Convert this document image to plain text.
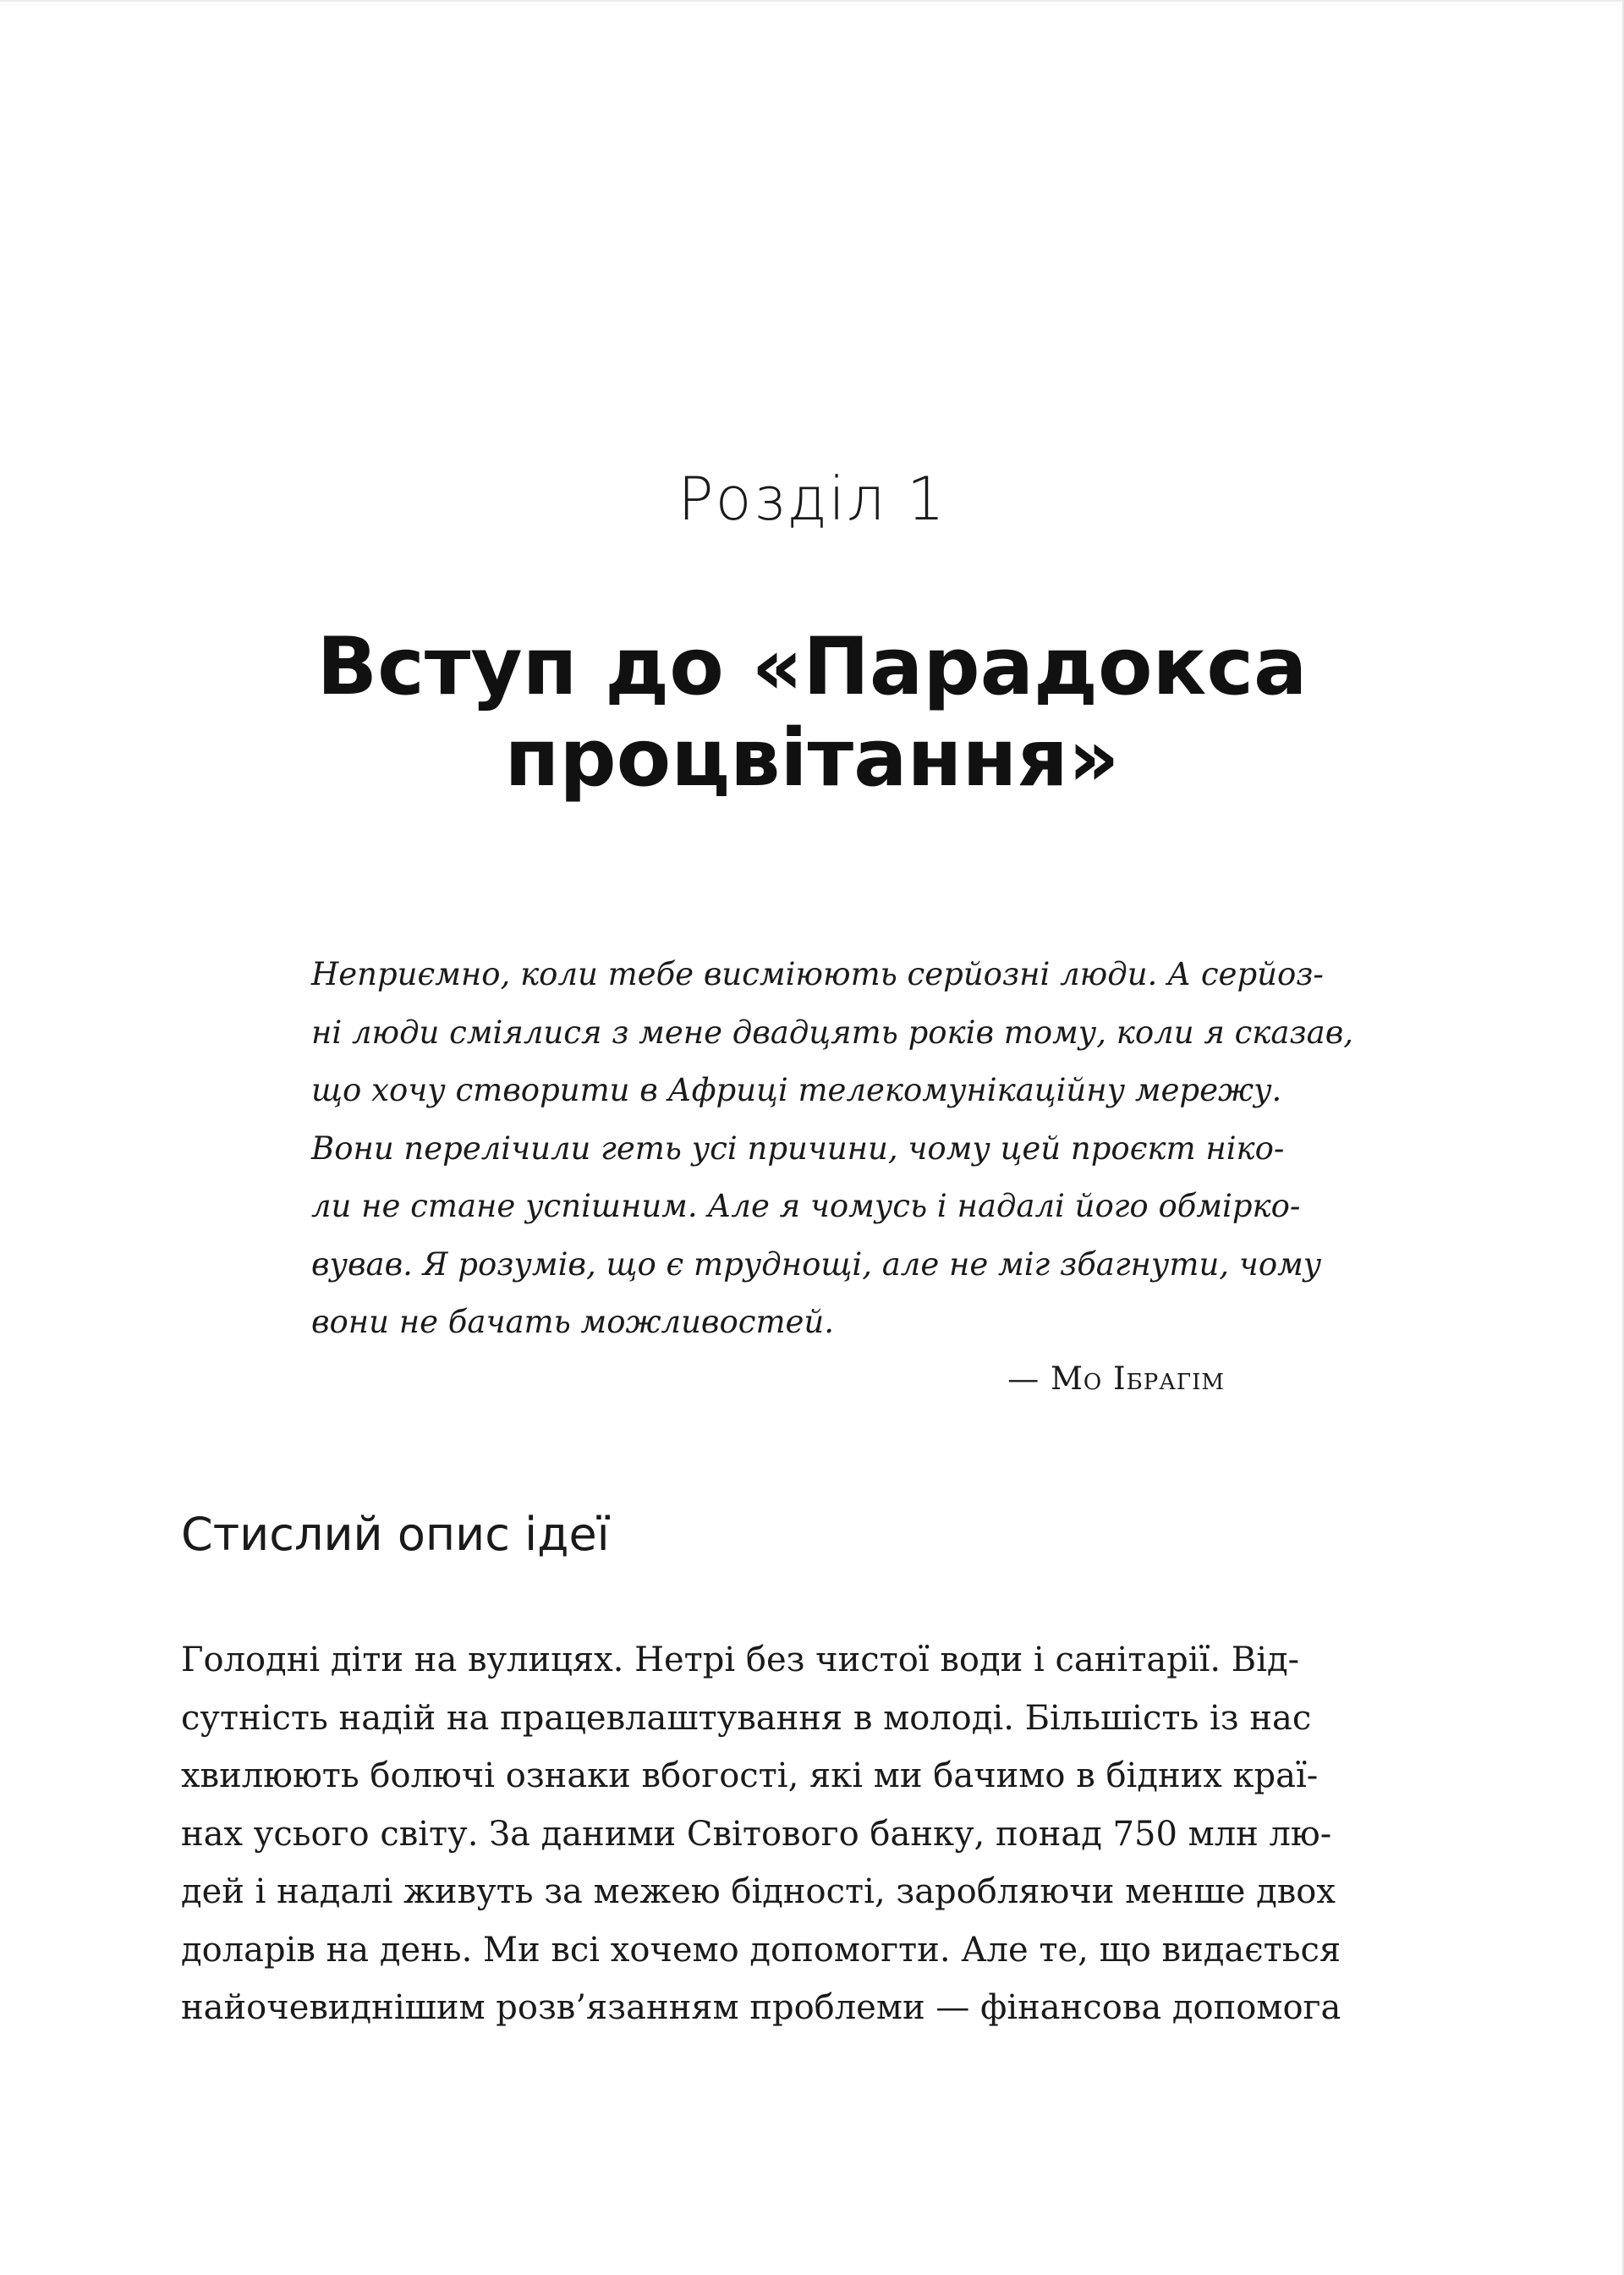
Розділ 1
Вступ до «Парадокса
процвітання»
Неприємно, коли тебе висміюють серйозні люди. А серйоз-
ні люди сміялися з мене двадцять років тому, коли я сказав,
що хочу створити в Африці телекомунікаційну мережу.
Вони перелічили геть усі причини, чому цей проєкт ніко-
ли не стане успішним. Але я чомусь і надалі його обмірко-
вував. Я розумів, що є труднощі, але не міг збагнути, чому
вони не бачать можливостей.
— Мо Ібрагім
Стислий опис ідеї
Голодні діти на вулицях. Нетрі без чистої води і санітарії. Від-
сутність надій на працевлаштування в молоді. Більшість із нас
хвилюють болючі ознаки вбогості, які ми бачимо в бідних краї-
нах усього світу. За даними Світового банку, понад 750 млн лю-
дей і надалі живуть за межею бідності, заробляючи менше двох
доларів на день. Ми всі хочемо допомогти. Але те, що видається
найочевиднішим розв’язанням проблеми — фінансова допомога
